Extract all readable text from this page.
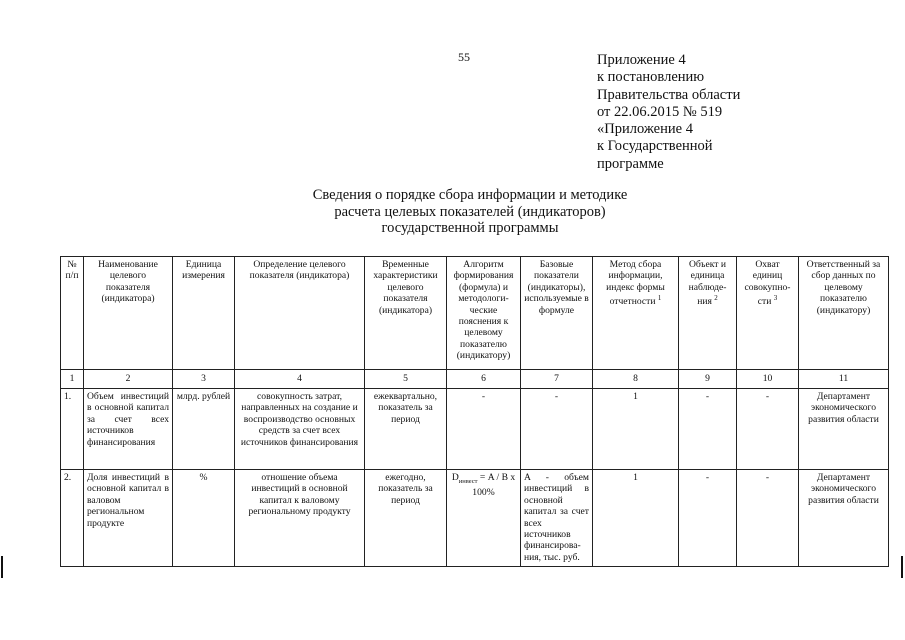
55	Приложение 4
к постановлению
Правительства области
от 22.06.2015 № 519
«Приложение 4
к Государственной
программе
Сведения о порядке сбора информации и методике
расчета целевых показателей (индикаторов)
государственной программы
№ п/п	Наименование целевого показателя (индикатора)	Единица измерения	Определение целевого показателя (индикатора)	Временные характеристики целевого показателя (индикатора)	Алгоритм формирования (формула) и методологи-ческие пояснения к целевому показателю (индикатору)	Базовые показатели (индикаторы), используемые в формуле	Метод сбора информации, индекс формы отчетности $^1$	Объект и единица наблюде-ния $^2$	Охват единиц совокупно-сти $^3$	Ответственный за сбор данных по целевому показателю (индикатору)
1	2	3	4	5	6	7	8	9	10	11
1.	Объем инвестиций в основной капитал за счет всех источников финансирования	млрд. рублей	совокупность затрат, направленных на создание и воспроизводство основных средств за счет всех источников финансирования	ежеквартально, показатель за период	-	-	1	-	-	Департамент экономического развития области
2.	Доля инвестиций в основной капитал в валовом региональном продукте	%	отношение объема инвестиций в основной капитал к валовому региональному продукту	ежегодно, показатель за период	$D_{инвест} = A / B$ x 100%	A - объем инвестиций в основной капитал за счет всех источников финансирова-ния, тыс. руб.	1	-	-	Департамент экономического развития области
